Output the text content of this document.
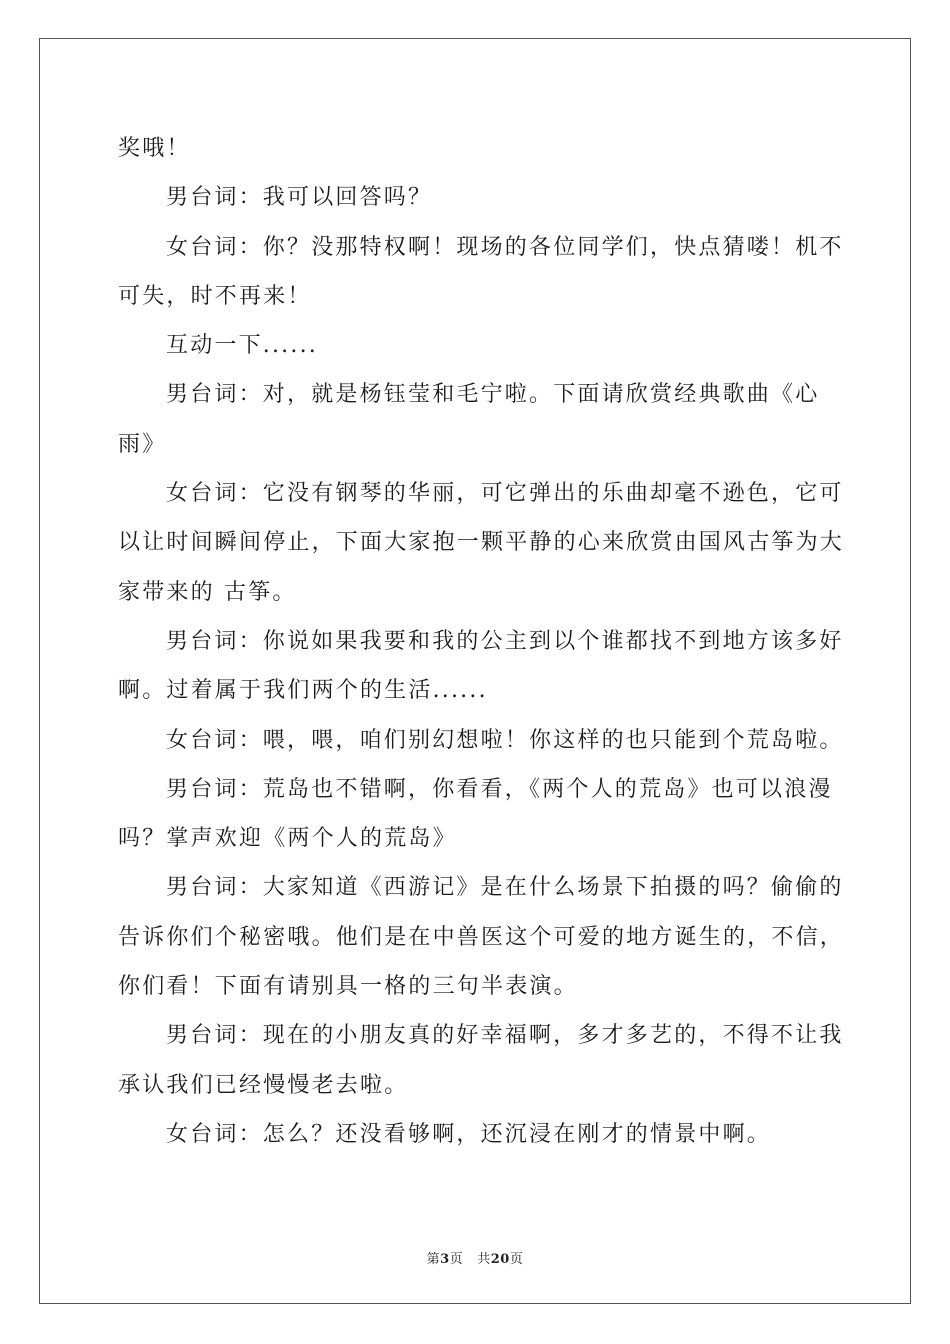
奖哦！
男台词：我可以回答吗？
女台词：你？没那特权啊！现场的各位同学们，快点猜喽！机不
可失，时不再来！
互动一下......
男台词：对，就是杨钰莹和毛宁啦。下面请欣赏经典歌曲《心
雨》
女台词：它没有钢琴的华丽，可它弹出的乐曲却毫不逊色，它可
以让时间瞬间停止，下面大家抱一颗平静的心来欣赏由国风古筝为大
家带来的 古筝。
男台词：你说如果我要和我的公主到以个谁都找不到地方该多好
啊。过着属于我们两个的生活......
女台词：喂，喂，咱们别幻想啦！你这样的也只能到个荒岛啦。
男台词：荒岛也不错啊，你看看，《两个人的荒岛》也可以浪漫
吗？掌声欢迎《两个人的荒岛》
男台词：大家知道《西游记》是在什么场景下拍摄的吗？偷偷的
告诉你们个秘密哦。他们是在中兽医这个可爱的地方诞生的，不信，
你们看！下面有请别具一格的三句半表演。
男台词：现在的小朋友真的好幸福啊，多才多艺的，不得不让我
承认我们已经慢慢老去啦。
女台词：怎么？还没看够啊，还沉浸在刚才的情景中啊。
第3页 共20页
